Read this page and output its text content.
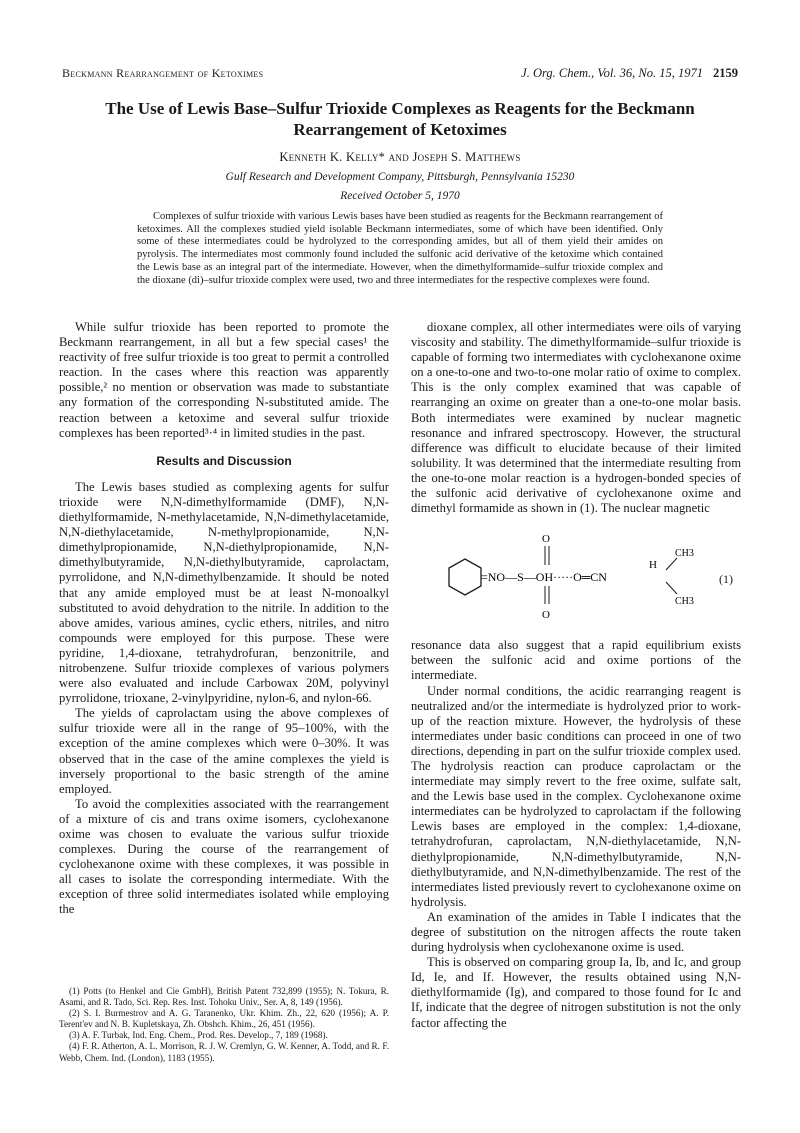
Beckmann Rearrangement of Ketoximes	J. Org. Chem., Vol. 36, No. 15, 1971 2159
The Use of Lewis Base–Sulfur Trioxide Complexes as Reagents for the Beckmann Rearrangement of Ketoximes
Kenneth K. Kelly* and Joseph S. Matthews
Gulf Research and Development Company, Pittsburgh, Pennsylvania 15230
Received October 5, 1970
Complexes of sulfur trioxide with various Lewis bases have been studied as reagents for the Beckmann rearrangement of ketoximes. All the complexes studied yield isolable Beckmann intermediates, some of which have been identified. Only some of these intermediates could be hydrolyzed to the corresponding amides, but all of them yield their amides on pyrolysis. The intermediates most commonly found included the sulfonic acid derivative of the ketoxime which contained the Lewis base as an integral part of the intermediate. However, when the dimethylformamide–sulfur trioxide complex and the dioxane (di)–sulfur trioxide complex were used, two and three intermediates for the respective complexes were found.

While sulfur trioxide has been reported to promote the Beckmann rearrangement, in all but a few special cases¹ the reactivity of free sulfur trioxide is too great to permit a controlled reaction. In the cases where this reaction was apparently possible,² no mention or observation was made to substantiate any formation of the corresponding N-substituted amide. The reaction between a ketoxime and several sulfur trioxide complexes has been reported³·⁴ in limited studies in the past.

Results and Discussion

The Lewis bases studied as complexing agents for sulfur trioxide were N,N-dimethylformamide (DMF), N,N-diethylformamide, N-methylacetamide, N,N-dimethylacetamide, N,N-diethylacetamide, N-methylpropionamide, N,N-dimethylpropionamide, N,N-diethylpropionamide, N,N-dimethylbutyramide, N,N-diethylbutyramide, caprolactam, pyrrolidone, and N,N-dimethylbenzamide. It should be noted that any amide employed must be at least N-monoalkyl substituted to avoid dehydration to the nitrile. In addition to the above amides, various amines, cyclic ethers, nitriles, and nitro compounds were employed for this purpose. These were pyridine, 1,4-dioxane, tetrahydrofuran, benzonitrile, and nitrobenzene. Sulfur trioxide complexes of various polymers were also evaluated and include Carbowax 20M, polyvinyl pyrrolidone, trioxane, 2-vinylpyridine, nylon-6, and nylon-66.

The yields of caprolactam using the above complexes of sulfur trioxide were all in the range of 95–100%, with the exception of the amine complexes which were 0–30%. It was observed that in the case of the amine complexes the yield is inversely proportional to the basic strength of the amine employed.

To avoid the complexities associated with the rearrangement of a mixture of cis and trans oxime isomers, cyclohexanone oxime was chosen to evaluate the various sulfur trioxide complexes. During the course of the rearrangement of cyclohexanone oxime with these complexes, it was possible in all cases to isolate the corresponding intermediate. With the exception of three solid intermediates isolated while employing the

(1) Potts (to Henkel and Cie GmbH), British Patent 732,899 (1955); N. Tokura, R. Asami, and R. Tado, Sci. Rep. Res. Inst. Tohoku Univ., Ser. A, 8, 149 (1956).

(2) S. I. Burmestrov and A. G. Taranenko, Ukr. Khim. Zh., 22, 620 (1956); A. P. Terent'ev and N. B. Kupletskaya, Zh. Obshch. Khim., 26, 451 (1956).

(3) A. F. Turbak, Ind. Eng. Chem., Prod. Res. Develop., 7, 189 (1968).

(4) F. R. Atherton, A. L. Morrison, R. J. W. Cremlyn, G. W. Kenner, A. Todd, and R. F. Webb, Chem. Ind. (London), 1183 (1955).

dioxane complex, all other intermediates were oils of varying viscosity and stability. The dimethylformamide–sulfur trioxide is capable of forming two intermediates with cyclohexanone oxime on a one-to-one and two-to-one molar ratio of oxime to complex. This is the only complex examined that was capable of rearranging an oxime on greater than a one-to-one molar basis. Both intermediates were examined by nuclear magnetic resonance and infrared spectroscopy. However, the structural difference was difficult to elucidate because of their limited solubility. It was determined that the intermediate resulting from the one-to-one molar reaction is a hydrogen-bonded species of the sulfonic acid derivative of cyclohexanone oxime and dimethyl formamide as shown in (1). The nuclear magnetic

O
O
=NO—S—OH·····O═CN
H
CH3
CH3
(1)

resonance data also suggest that a rapid equilibrium exists between the sulfonic acid and oxime portions of the intermediate.

Under normal conditions, the acidic rearranging reagent is neutralized and/or the intermediate is hydrolyzed prior to work-up of the reaction mixture. However, the hydrolysis of these intermediates under basic conditions can proceed in one of two directions, depending in part on the sulfur trioxide complex used. The hydrolysis reaction can produce caprolactam or the intermediate may simply revert to the free oxime, sulfate salt, and the Lewis base used in the complex. Cyclohexanone oxime intermediates can be hydrolyzed to caprolactam if the following Lewis bases are employed in the complex: 1,4-dioxane, tetrahydrofuran, caprolactam, N,N-diethylacetamide, N,N-diethylpropionamide, N,N-dimethylbutyramide, N,N-diethylbutyramide, and N,N-dimethylbenzamide. The rest of the intermediates listed previously revert to cyclohexanone oxime on hydrolysis.

An examination of the amides in Table I indicates that the degree of substitution on the nitrogen affects the route taken during hydrolysis when cyclohexanone oxime is used.

This is observed on comparing group Ia, Ib, and Ic, and group Id, Ie, and If. However, the results obtained using N,N-diethylformamide (Ig), and compared to those found for Ic and If, indicate that the degree of nitrogen substitution is not the only factor affecting the
